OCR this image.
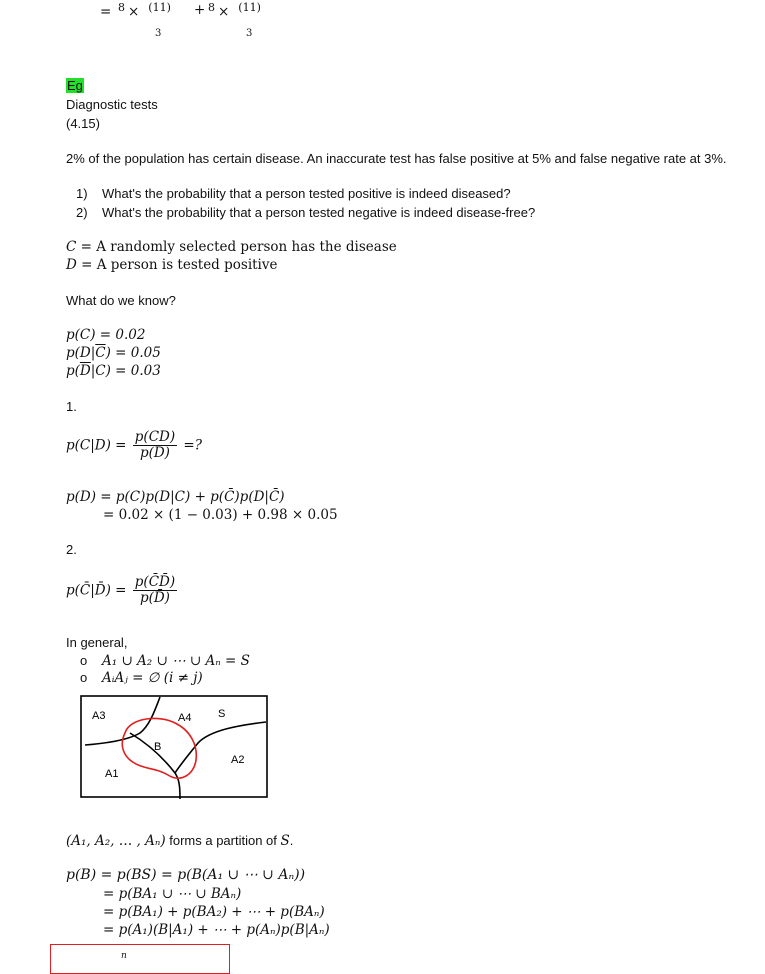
= 8 × (11)
3
+ 8 × (11)
3
Eg
Diagnostic tests
(4.15)
2% of the population has certain disease. An inaccurate test has false positive at 5% and false negative rate at 3%.
1) What's the probability that a person tested positive is indeed diseased?
2) What's the probability that a person tested negative is indeed disease-free?
C = A randomly selected person has the disease
D = A person is tested positive
What do we know?
p(C) = 0.02
$p(D|\overline{C}) = 0.05$
$p(\overline{D}|C) = 0.03$
1.
$p(C|D) = \frac{p(CD)}{p(D)}$ =?
p(D) = p(C)p(D|C) + p(C̄)p(D|C̄)
= 0.02 × (1 − 0.03) + 0.98 × 0.05
2.
p(C̄|D̄) = $\frac{p(C̄D̄)}{p(D̄)}$
In general,
o A₁ ∪ A₂ ∪ ⋯ ∪ Aₙ = S
o AᵢAⱼ = ∅ (i ≠ j)
A3	A4 S
B
A2
A1
(A₁, A₂, … , Aₙ) forms a partition of S.
p(B) = p(BS) = p(B(A₁ ∪ ⋯ ∪ Aₙ))
= p(BA₁ ∪ ⋯ ∪ BAₙ)
= p(BA₁) + p(BA₂) + ⋯ + p(BAₙ)
= p(A₁)(B|A₁) + ⋯ + p(Aₙ)p(B|Aₙ)
n
